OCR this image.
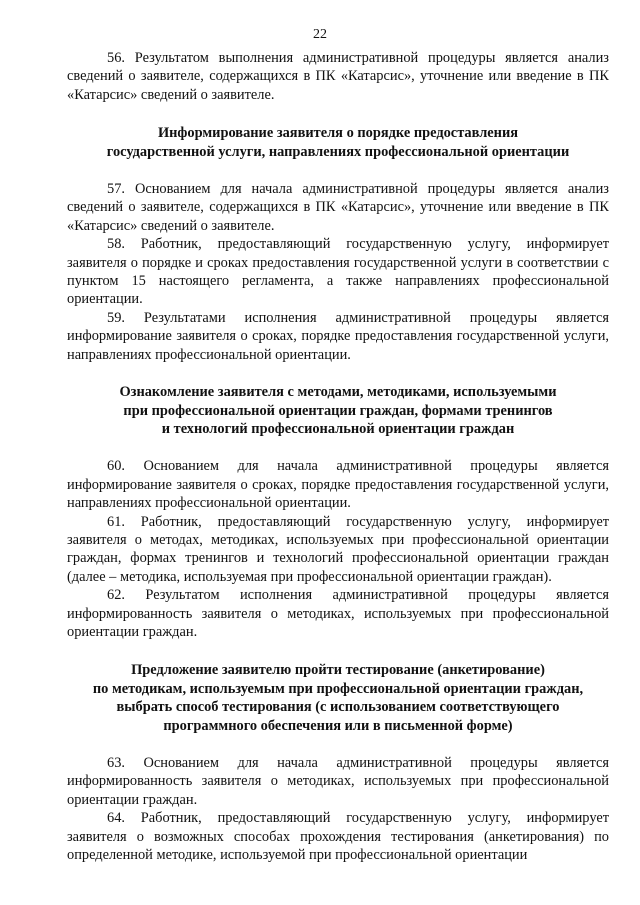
22

56. Результатом выполнения административной процедуры является анализ сведений о заявителе, содержащихся в ПК «Катарсис», уточнение или введение в ПК «Катарсис» сведений о заявителе.

Информирование заявителя о порядке предоставления
государственной услуги, направлениях профессиональной ориентации

57. Основанием для начала административной процедуры является анализ сведений о заявителе, содержащихся в ПК «Катарсис», уточнение или введение в ПК «Катарсис» сведений о заявителе.

58. Работник, предоставляющий государственную услугу, информирует заявителя о порядке и сроках предоставления государственной услуги в соответствии с пунктом 15 настоящего регламента, а также направлениях профессиональной ориентации.

59. Результатами исполнения административной процедуры является информирование заявителя о сроках, порядке предоставления государственной услуги, направлениях профессиональной ориентации.

Ознакомление заявителя с методами, методиками, используемыми
при профессиональной ориентации граждан, формами тренингов
и технологий профессиональной ориентации граждан

60. Основанием для начала административной процедуры является информирование заявителя о сроках, порядке предоставления государственной услуги, направлениях профессиональной ориентации.

61. Работник, предоставляющий государственную услугу, информирует заявителя о методах, методиках, используемых при профессиональной ориентации граждан, формах тренингов и технологий профессиональной ориентации граждан (далее – методика, используемая при профессиональной ориентации граждан).

62. Результатом исполнения административной процедуры является информированность заявителя о методиках, используемых при профессиональной ориентации граждан.

Предложение заявителю пройти тестирование (анкетирование)
по методикам, используемым при профессиональной ориентации граждан,
выбрать способ тестирования (с использованием соответствующего
программного обеспечения или в письменной форме)

63. Основанием для начала административной процедуры является информированность заявителя о методиках, используемых при профессиональной ориентации граждан.

64. Работник, предоставляющий государственную услугу, информирует заявителя о возможных способах прохождения тестирования (анкетирования) по определенной методике, используемой при профессиональной ориентации
